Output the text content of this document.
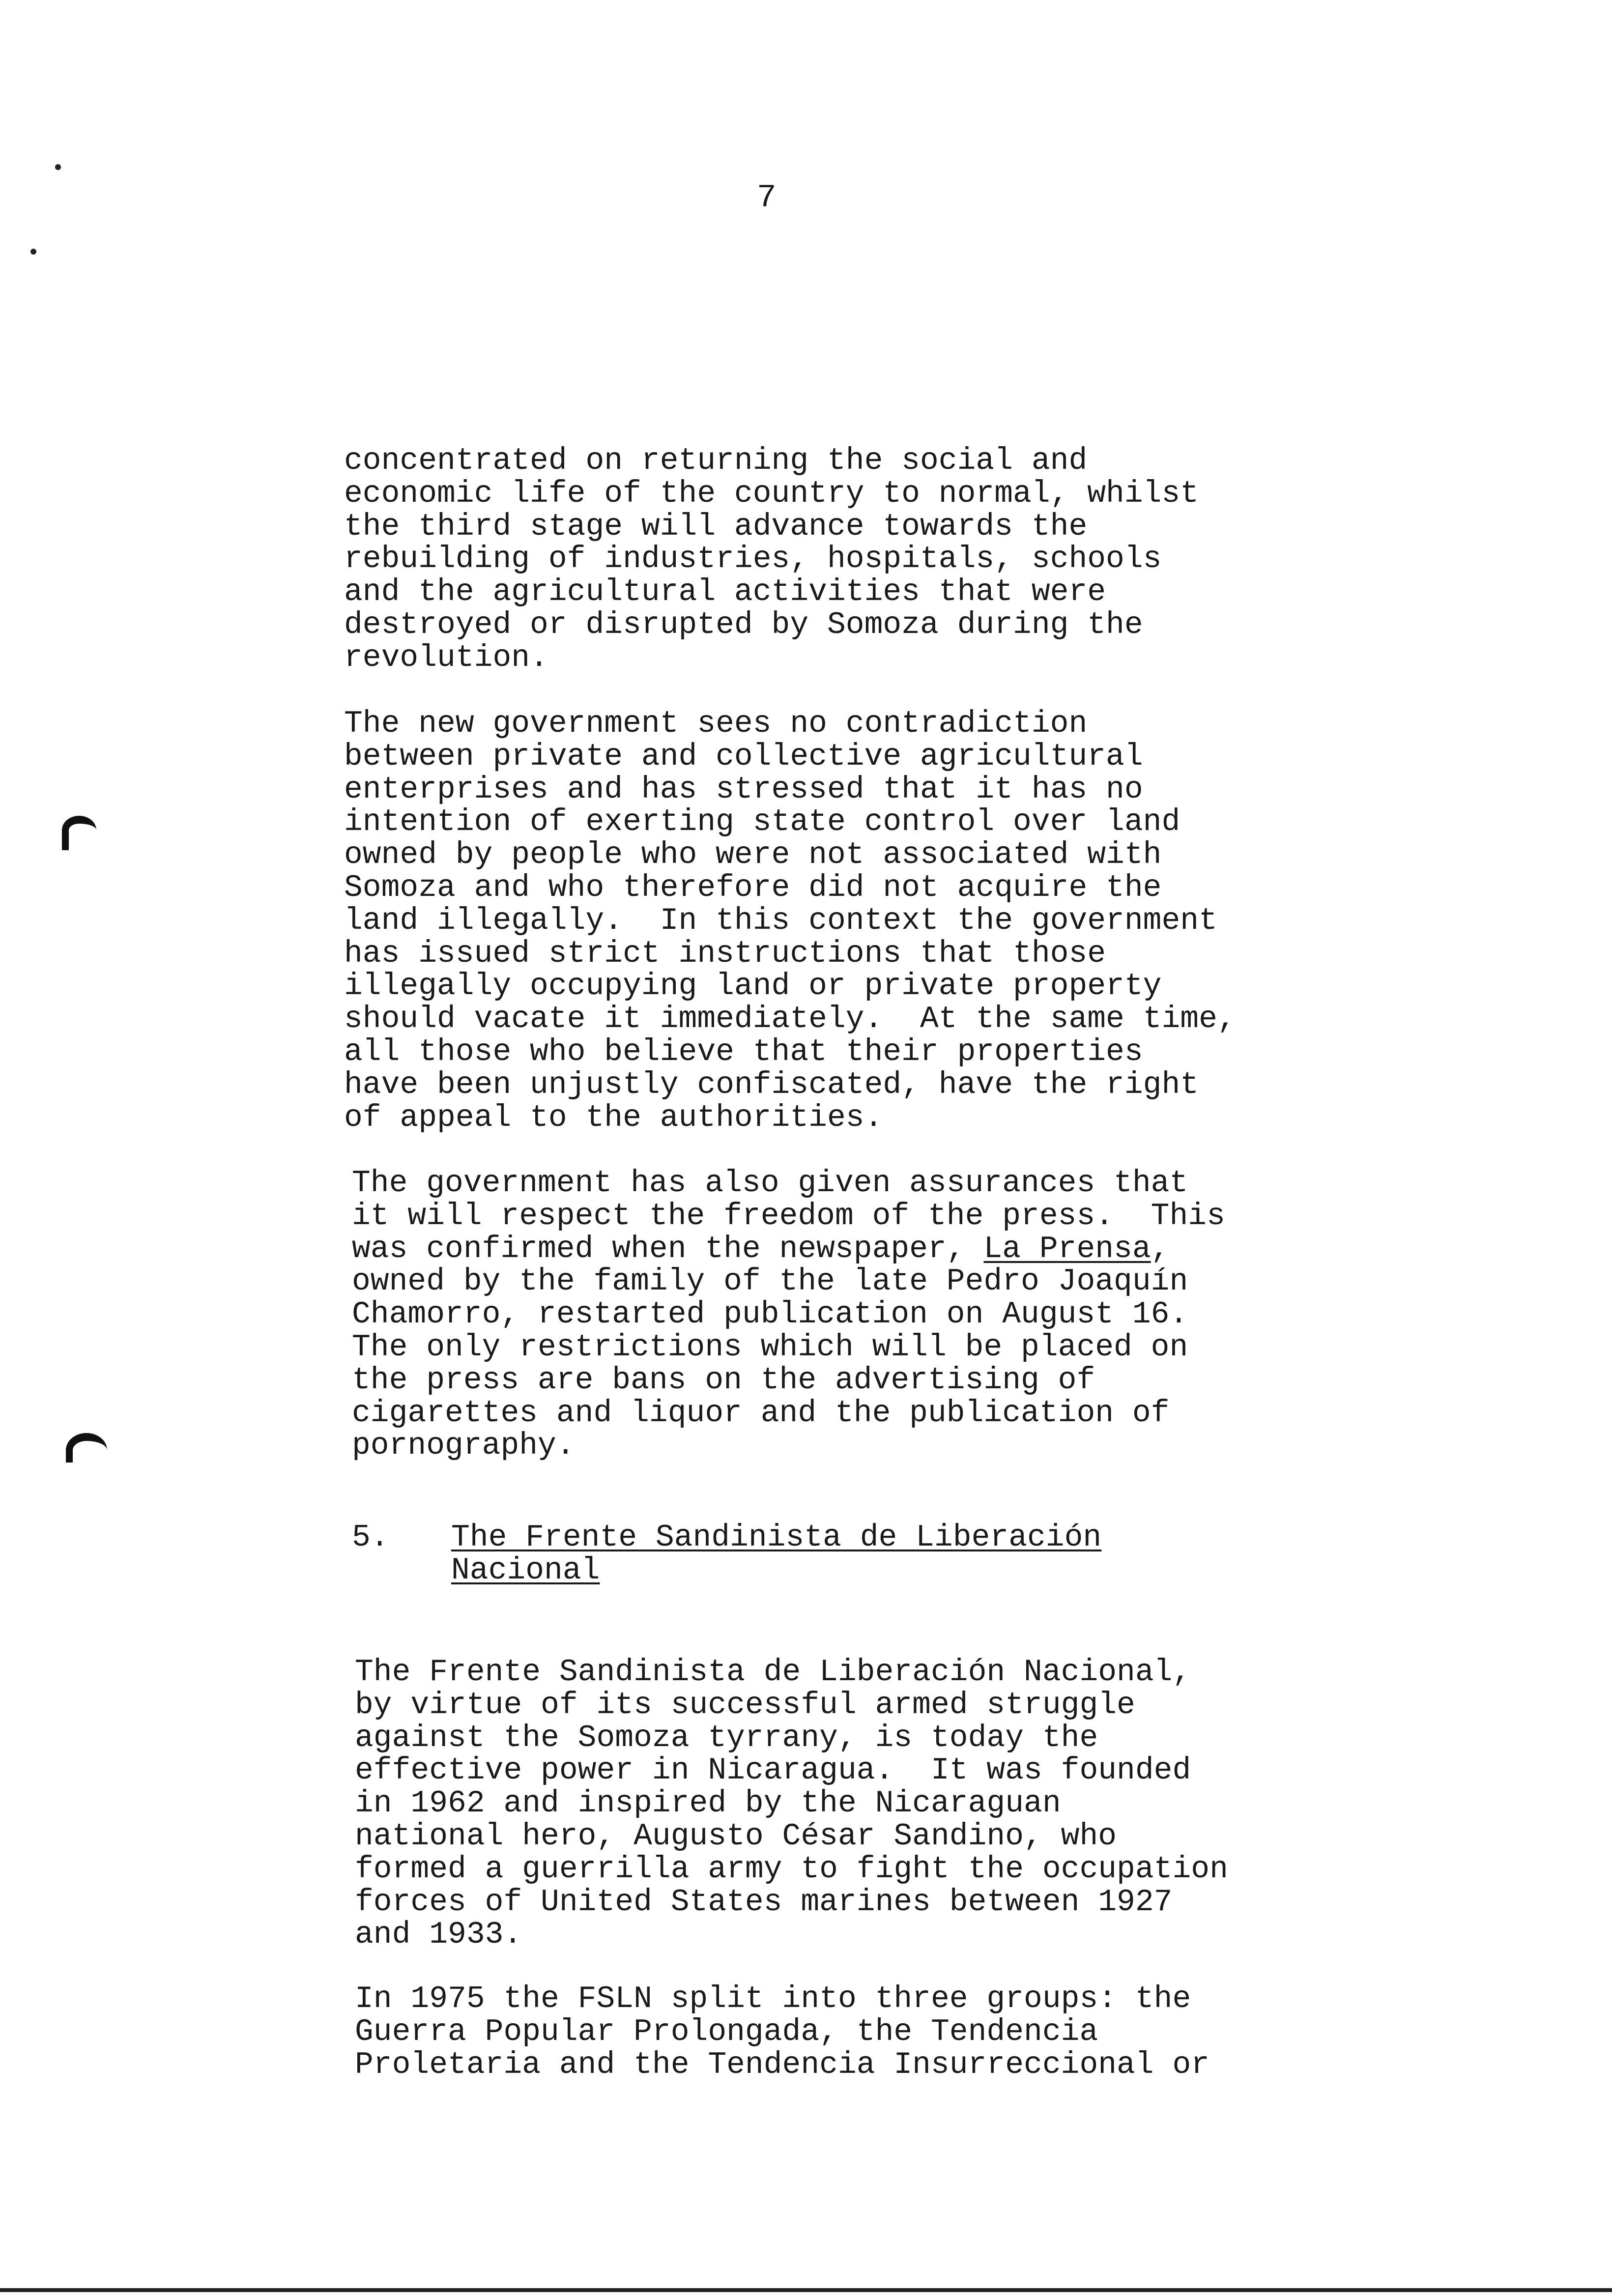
7

concentrated on returning the social and
economic life of the country to normal, whilst
the third stage will advance towards the
rebuilding of industries, hospitals, schools
and the agricultural activities that were
destroyed or disrupted by Somoza during the
revolution.

The new government sees no contradiction
between private and collective agricultural
enterprises and has stressed that it has no
intention of exerting state control over land
owned by people who were not associated with
Somoza and who therefore did not acquire the
land illegally.  In this context the government
has issued strict instructions that those
illegally occupying land or private property
should vacate it immediately.  At the same time,
all those who believe that their properties
have been unjustly confiscated, have the right
of appeal to the authorities.

The government has also given assurances that
it will respect the freedom of the press.  This
was confirmed when the newspaper, La Prensa,
owned by the family of the late Pedro Joaquín
Chamorro, restarted publication on August 16.
The only restrictions which will be placed on
the press are bans on the advertising of
cigarettes and liquor and the publication of
pornography.
5. The Frente Sandinista de Liberación
Nacional

The Frente Sandinista de Liberación Nacional,
by virtue of its successful armed struggle
against the Somoza tyrrany, is today the
effective power in Nicaragua.  It was founded
in 1962 and inspired by the Nicaraguan
national hero, Augusto César Sandino, who
formed a guerrilla army to fight the occupation
forces of United States marines between 1927
and 1933.

In 1975 the FSLN split into three groups: the
Guerra Popular Prolongada, the Tendencia
Proletaria and the Tendencia Insurreccional or
